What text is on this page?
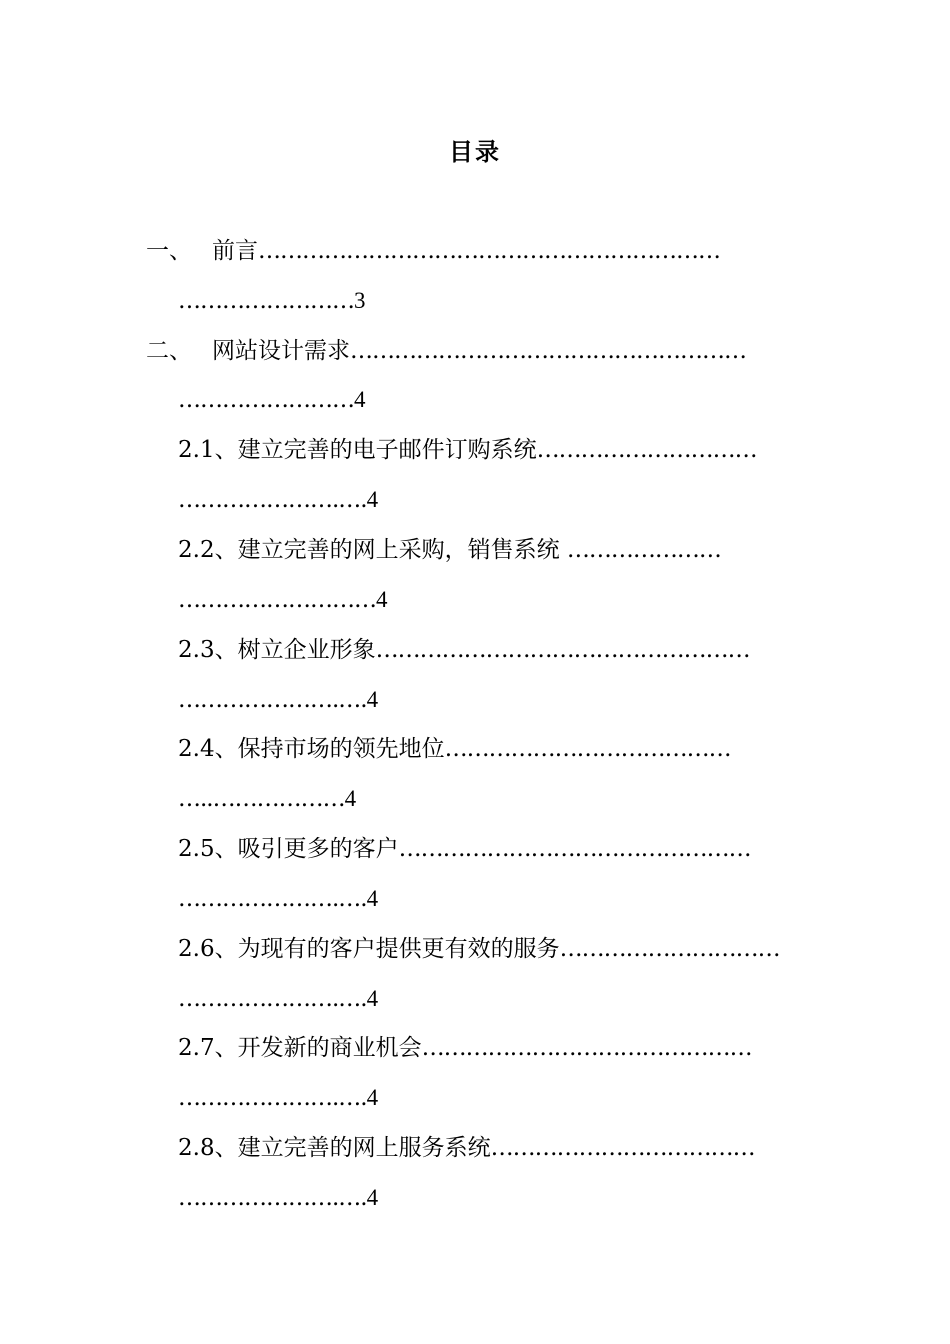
目录
一、 前言………………………………………………………
……………………3
二、 网站设计需求………………………………………………
……………………4
2.1、建立完善的电子邮件订购系统…………………………
………………….….4
2.2、建立完善的网上采购，销售系统 …………………
………………………4
2.3、树立企业形象……………………………………………
………………….….4
2.4、保持市场的领先地位…………………………………
…..………………4
2.5、吸引更多的客户…………………………………………
………………….….4
2.6、为现有的客户提供更有效的服务…………………………
………………….….4
2.7、开发新的商业机会………………………………………
………………….….4
2.8、建立完善的网上服务系统………………………………
………………….….4
